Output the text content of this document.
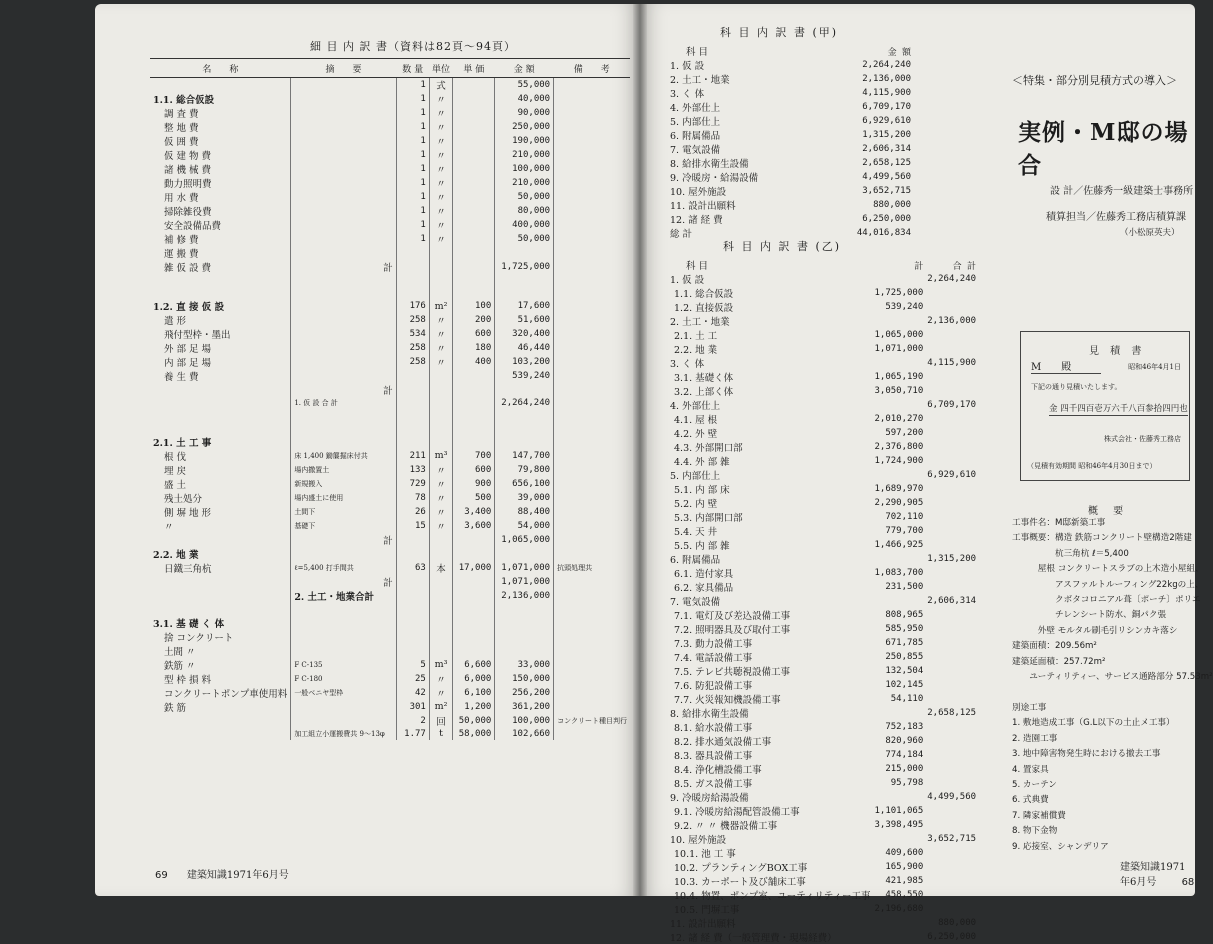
細 目 内 訳 書（資料は82頁〜94頁）
名　　称	摘　　要	数 量	単位	単 価	金 額	備　　考
		1	式		55,000	
1.1. 総合仮設		1	〃		40,000	
調 査 費		1	〃		90,000	
整 地 費		1	〃		250,000	
仮 囲 費		1	〃		190,000	
仮 建 物 費		1	〃		210,000	
諸 機 械 費		1	〃		100,000	
動力照明費		1	〃		210,000	
用 水 費		1	〃		50,000	
掃除雑役費		1	〃		80,000	
安全設備品費		1	〃		400,000	
補 修 費		1	〃		50,000	
運 搬 費						
雑 仮 設 費	計				1,725,000	

1.2. 直 接 仮 設		176	m²	100	17,600	
遣 形		258	〃	200	51,600	
飛付型枠・墨出		534	〃	600	320,400	
外 部 足 場		258	〃	180	46,440	
内 部 足 場		258	〃	400	103,200	
養 生 費					539,240	
	計					
	1. 仮 設 合 計				2,264,240	

2.1. 土 工 事						
根 伐	床 1,400 鋤簾掘床付共	211	m³	700	147,700	
埋 戻	場内撒置土	133	〃	600	79,800	
盛 土	新規搬入	729	〃	900	656,100	
残土処分	場内盛土に使用	78	〃	500	39,000	
側 塀 地 形	土間下	26	〃	3,400	88,400	
〃	基礎下	15	〃	3,600	54,000	
	計				1,065,000	
2.2. 地 業						
日鐵三角杭	ℓ=5,400 打手間共	63	本	17,000	1,071,000	抗頭処理共
	計				1,071,000	
	2. 土工・地業合計				2,136,000	

3.1. 基 礎 く 体						
捨 コンクリート						
土間 〃						
鉄筋 〃	F C-135	5	m³	6,600	33,000	
型 枠 損 料	F C-180	25	〃	6,000	150,000	
コンクリートポンプ車使用料	一般ベニヤ型枠	42	〃	6,100	256,200	
鉄 筋		301	m²	1,200	361,200	
		2	回	50,000	100,000	コンクリート種目判行
	加工組立小運搬費共 9〜13φ	1.77	t	58,000	102,660	
69 建築知識1971年6月号
科 目 内 訳 書 (甲)
科 目	金 額
1. 仮 設	2,264,240
2. 土工・地業	2,136,000
3. く 体	4,115,900
4. 外部仕上	6,709,170
5. 内部仕上	6,929,610
6. 附属備品	1,315,200
7. 電気設備	2,606,314
8. 給排水衛生設備	2,658,125
9. 冷暖房・給湯設備	4,499,560
10. 屋外施設	3,652,715
11. 設計出願料	880,000
12. 諸 経 費	6,250,000
総 計	44,016,834
科 目 内 訳 書 (乙)
科 目	計	合 計
1. 仮 設		2,264,240
1.1. 総合仮設	1,725,000	
1.2. 直接仮設	539,240	
2. 土工・地業		2,136,000
2.1. 土 工	1,065,000	
2.2. 地 業	1,071,000	
3. く 体		4,115,900
3.1. 基礎く体	1,065,190	
3.2. 上部く体	3,050,710	
4. 外部仕上		6,709,170
4.1. 屋 根	2,010,270	
4.2. 外 壁	597,200	
4.3. 外部開口部	2,376,800	
4.4. 外 部 雑	1,724,900	
5. 内部仕上		6,929,610
5.1. 内 部 床	1,689,970	
5.2. 内 壁	2,290,905	
5.3. 内部開口部	702,110	
5.4. 天 井	779,700	
5.5. 内 部 雑	1,466,925	
6. 附属備品		1,315,200
6.1. 造付家具	1,083,700	
6.2. 家具備品	231,500	
7. 電気設備		2,606,314
7.1. 電灯及び差込設備工事	808,965	
7.2. 照明器具及び取付工事	585,950	
7.3. 動力設備工事	671,785	
7.4. 電話設備工事	250,855	
7.5. テレビ共聴視設備工事	132,504	
7.6. 防犯設備工事	102,145	
7.7. 火災報知機設備工事	54,110	
8. 給排水衛生設備		2,658,125
8.1. 給水設備工事	752,183	
8.2. 排水通気設備工事	820,960	
8.3. 器具設備工事	774,184	
8.4. 浄化槽設備工事	215,000	
8.5. ガス設備工事	95,798	
9. 冷暖房給湯設備		4,499,560
9.1. 冷暖房給湯配管設備工事	1,101,065	
9.2. 〃 〃 機器設備工事	3,398,495	
10. 屋外施設		3,652,715
10.1. 池 工 事	409,600	
10.2. プランティングBOX工事	165,900	
10.3. カーポート及び舗床工事	421,985	
10.4. 物置、ポンプ室、ユーティリティー工事	458,550	
10.5. 門塀工事	2,196,680	
11. 設計出願料		880,000
12. 諸 経 費（一般管理費・現場経費）		6,250,000
＜特集・部分別見積方式の導入＞
実例・M邸の場合
設 計／佐藤秀一級建築士事務所
積算担当／佐藤秀工務店積算課
（小松原英夫）
見 積 書
M　　殿	昭和46年4月1日
下記の通り見積いたします。
金 四千四百壱万六千八百参拾四円也
株式会社・佐藤秀工務店
（見積有効期間 昭和46年4月30日まで）
概 要
工事件名：M邸新築工事
工事概要：構造 鉄筋コンクリート壁構造2階建
　　　　　杭三角杭 ℓ＝5,400
　　　屋根 コンクリートスラブの上木造小屋組、
　　　　　アスファルトルーフィング22kgの上、
　　　　　クボタコロニアル葺〔ポーチ〕ポリエ
　　　　　チレンシート防水、銅パク張
　　　外壁 モルタル刷毛引リシンカキ落シ
建築面積：209.56m²
建築延面積：257.72m²
　　ユーティリティー、サービス通路部分 57.53m²

別途工事
1. 敷地造成工事（G.L以下の土止メ工事）
2. 造園工事
3. 地中障害物発生時における撤去工事
4. 置家具
5. カーテン
6. 式典費
7. 隣家補償費
8. 物下金物
9. 応接室、シャンデリア
建築知識1971年6月号	68
